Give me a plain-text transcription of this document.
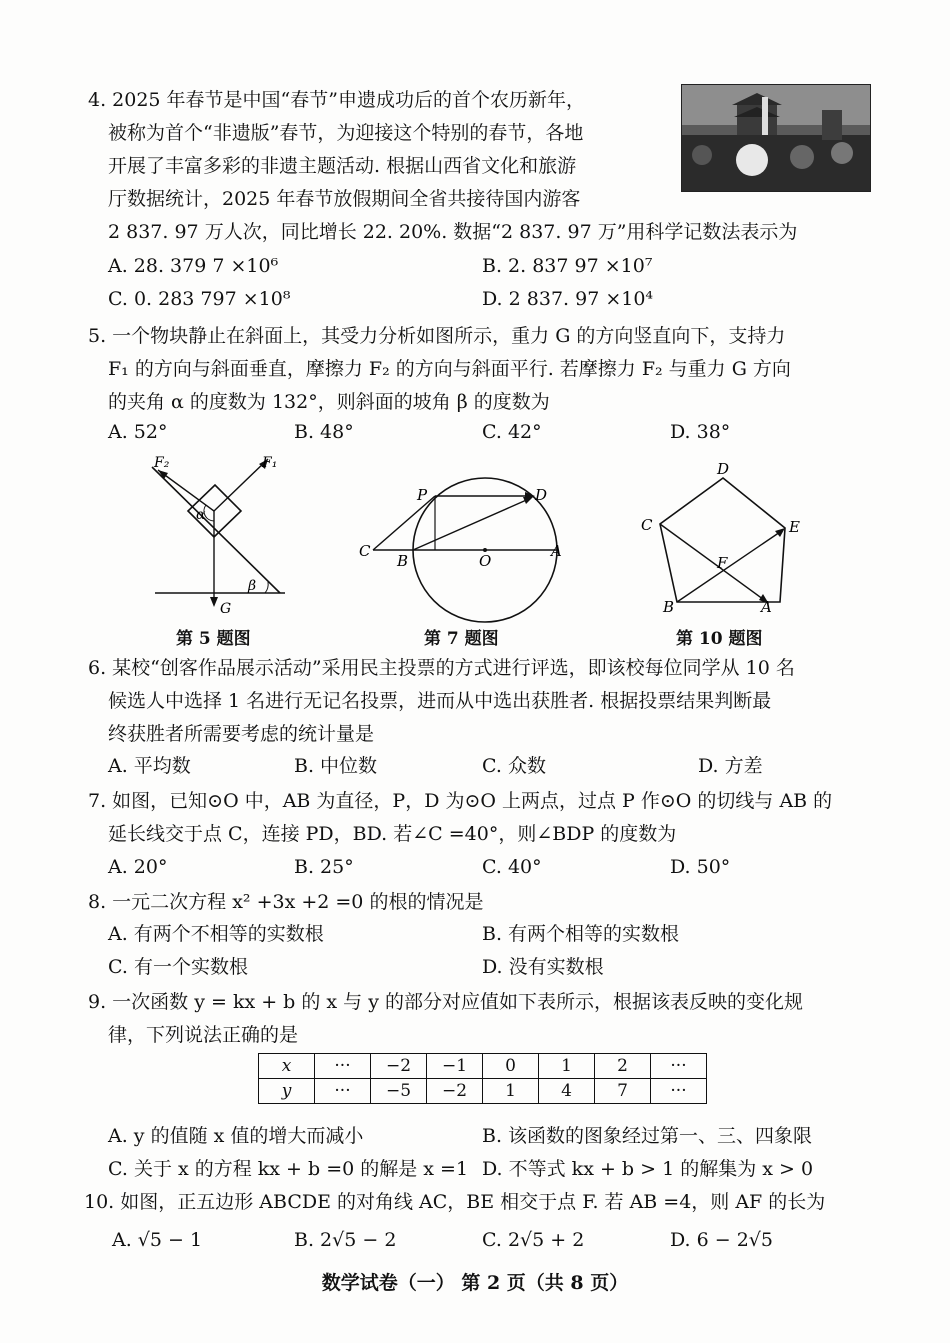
4. 2025 年春节是中国“春节”申遗成功后的首个农历新年，
被称为首个“非遗版”春节，为迎接这个特别的春节，各地
开展了丰富多彩的非遗主题活动. 根据山西省文化和旅游
厅数据统计，2025 年春节放假期间全省共接待国内游客
2 837. 97 万人次，同比增长 22. 20%. 数据“2 837. 97 万”用科学记数法表示为
A. 28. 379 7 ×10⁶	B. 2. 837 97 ×10⁷
C. 0. 283 797 ×10⁸	D. 2 837. 97 ×10⁴
5. 一个物块静止在斜面上，其受力分析如图所示，重力 G 的方向竖直向下，支持力
F₁ 的方向与斜面垂直，摩擦力 F₂ 的方向与斜面平行. 若摩擦力 F₂ 与重力 G 方向
的夹角 α 的度数为 132°，则斜面的坡角 β 的度数为
A. 52°	B. 48°	C. 42°	D. 38°
F₂	F₁
α
β
G
第 5 题图
P	D
C
B	O
A
第 7 题图
D
C	E
F
B	A
第 10 题图
6. 某校“创客作品展示活动”采用民主投票的方式进行评选，即该校每位同学从 10 名
候选人中选择 1 名进行无记名投票，进而从中选出获胜者. 根据投票结果判断最
终获胜者所需要考虑的统计量是
A. 平均数	B. 中位数	C. 众数	D. 方差
7. 如图，已知⊙O 中，AB 为直径，P，D 为⊙O 上两点，过点 P 作⊙O 的切线与 AB 的
延长线交于点 C，连接 PD，BD. 若∠C =40°，则∠BDP 的度数为
A. 20°	B. 25°	C. 40°	D. 50°
8. 一元二次方程 x² +3x +2 =0 的根的情况是
A. 有两个不相等的实数根	B. 有两个相等的实数根
C. 有一个实数根	D. 没有实数根
9. 一次函数 y = kx + b 的 x 与 y 的部分对应值如下表所示，根据该表反映的变化规
律，下列说法正确的是
x	···	−2	−1	0	1	2	···
y	···	−5	−2	1	4	7	···
A. y 的值随 x 值的增大而减小	B. 该函数的图象经过第一、三、四象限
C. 关于 x 的方程 kx + b =0 的解是 x =1 D. 不等式 kx + b > 1 的解集为 x > 0
10. 如图，正五边形 ABCDE 的对角线 AC，BE 相交于点 F. 若 AB =4，则 AF 的长为
A. √5 − 1	B. 2√5 − 2	C. 2√5 + 2	D. 6 − 2√5
数学试卷（一） 第 2 页（共 8 页）
